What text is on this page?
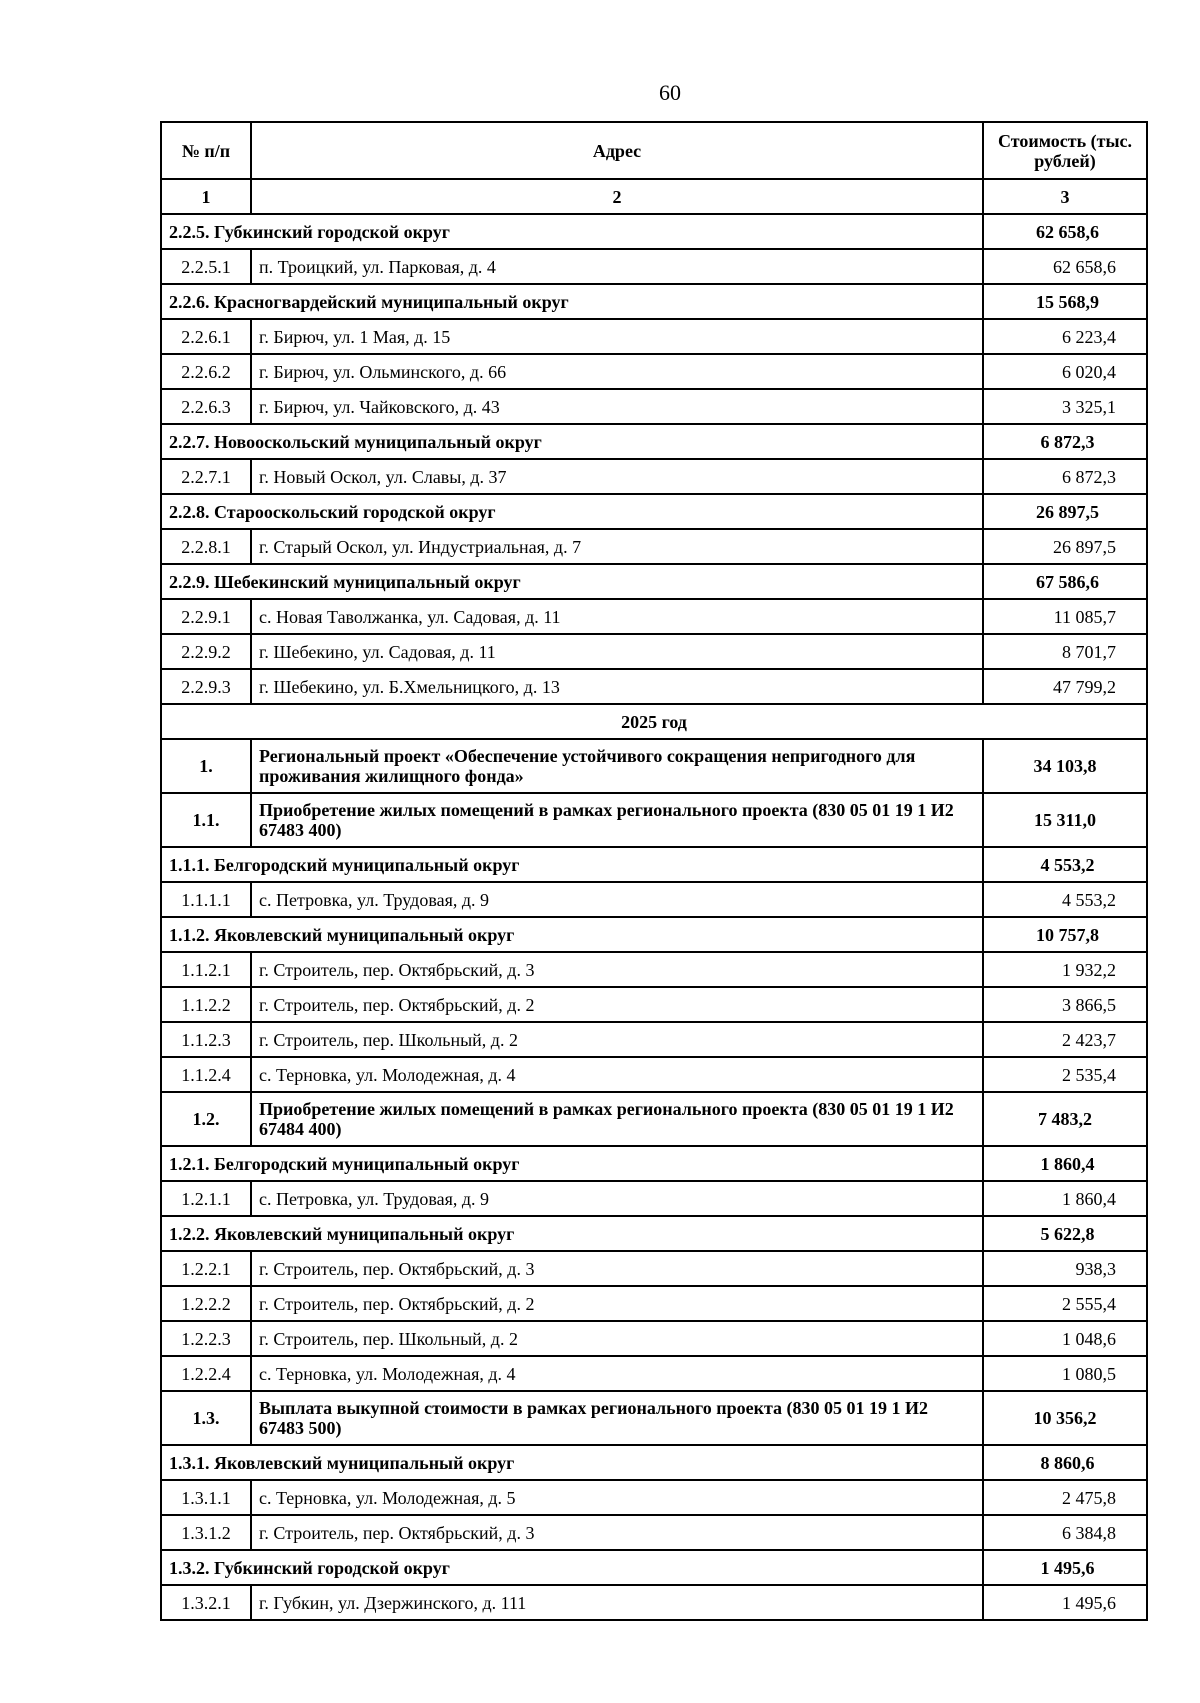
60
№ п/п	Адрес	Стоимость (тыс. рублей)
1	2	3
2.2.5. Губкинский городской округ		62 658,6
2.2.5.1	п. Троицкий, ул. Парковая, д. 4	62 658,6
2.2.6. Красногвардейский муниципальный округ		15 568,9
2.2.6.1	г. Бирюч, ул. 1 Мая, д. 15	6 223,4
2.2.6.2	г. Бирюч, ул. Ольминского, д. 66	6 020,4
2.2.6.3	г. Бирюч, ул. Чайковского, д. 43	3 325,1
2.2.7. Новооскольский муниципальный округ		6 872,3
2.2.7.1	г. Новый Оскол, ул. Славы, д. 37	6 872,3
2.2.8. Старооскольский городской округ		26 897,5
2.2.8.1	г. Старый Оскол, ул. Индустриальная, д. 7	26 897,5
2.2.9. Шебекинский муниципальный округ		67 586,6
2.2.9.1	с. Новая Таволжанка, ул. Садовая, д. 11	11 085,7
2.2.9.2	г. Шебекино, ул. Садовая, д. 11	8 701,7
2.2.9.3	г. Шебекино, ул. Б.Хмельницкого, д. 13	47 799,2
2025 год		
1.	Региональный проект «Обеспечение устойчивого сокращения непригодного для проживания жилищного фонда»	34 103,8
1.1.	Приобретение жилых помещений в рамках регионального проекта (830 05 01 19 1 И2 67483 400)	15 311,0
1.1.1. Белгородский муниципальный округ		4 553,2
1.1.1.1	с. Петровка, ул. Трудовая, д. 9	4 553,2
1.1.2. Яковлевский муниципальный округ		10 757,8
1.1.2.1	г. Строитель, пер. Октябрьский, д. 3	1 932,2
1.1.2.2	г. Строитель, пер. Октябрьский, д. 2	3 866,5
1.1.2.3	г. Строитель, пер. Школьный, д. 2	2 423,7
1.1.2.4	с. Терновка, ул. Молодежная, д. 4	2 535,4
1.2.	Приобретение жилых помещений в рамках регионального проекта (830 05 01 19 1 И2 67484 400)	7 483,2
1.2.1. Белгородский муниципальный округ		1 860,4
1.2.1.1	с. Петровка, ул. Трудовая, д. 9	1 860,4
1.2.2. Яковлевский муниципальный округ		5 622,8
1.2.2.1	г. Строитель, пер. Октябрьский, д. 3	938,3
1.2.2.2	г. Строитель, пер. Октябрьский, д. 2	2 555,4
1.2.2.3	г. Строитель, пер. Школьный, д. 2	1 048,6
1.2.2.4	с. Терновка, ул. Молодежная, д. 4	1 080,5
1.3.	Выплата выкупной стоимости в рамках регионального проекта (830 05 01 19 1 И2 67483 500)	10 356,2
1.3.1. Яковлевский муниципальный округ		8 860,6
1.3.1.1	с. Терновка, ул. Молодежная, д. 5	2 475,8
1.3.1.2	г. Строитель, пер. Октябрьский, д. 3	6 384,8
1.3.2. Губкинский городской округ		1 495,6
1.3.2.1	г. Губкин, ул. Дзержинского, д. 111	1 495,6
